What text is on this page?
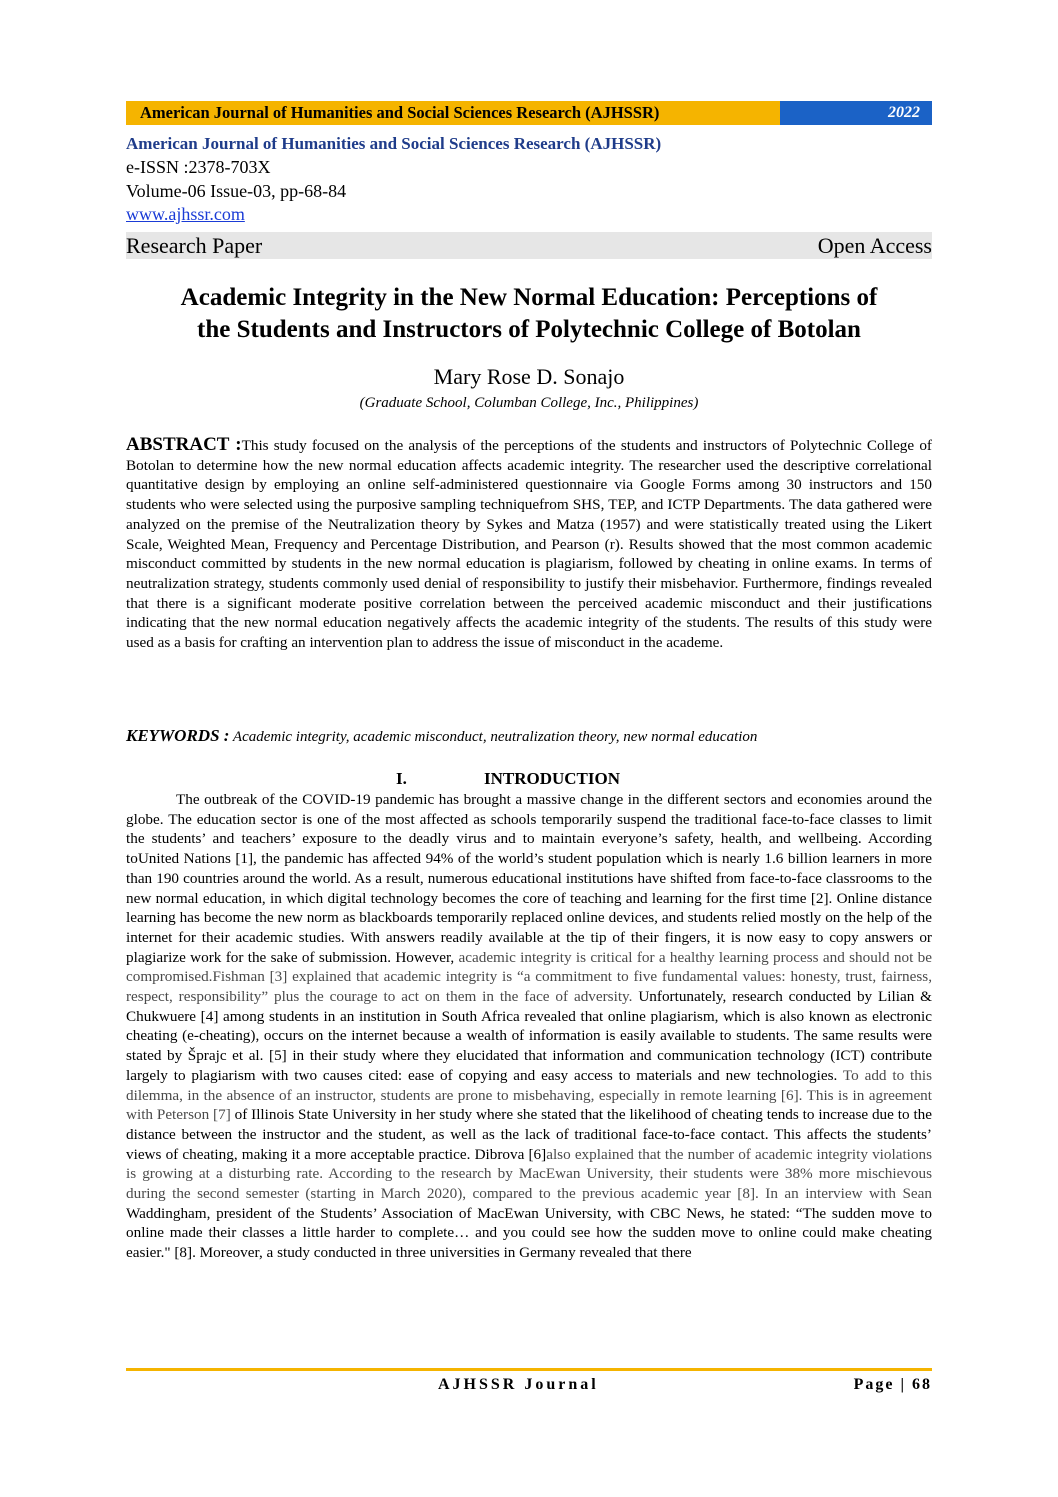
American Journal of Humanities and Social Sciences Research (AJHSSR)	2022
American Journal of Humanities and Social Sciences Research (AJHSSR)
e-ISSN :2378-703X
Volume-06 Issue-03, pp-68-84
www.ajhssr.com
Research Paper	Open Access
Academic Integrity in the New Normal Education: Perceptions of
the Students and Instructors of Polytechnic College of Botolan
Mary Rose D. Sonajo
(Graduate School, Columban College, Inc., Philippines)
ABSTRACT :This study focused on the analysis of the perceptions of the students and instructors of Polytechnic College of Botolan to determine how the new normal education affects academic integrity. The researcher used the descriptive correlational quantitative design by employing an online self-administered questionnaire via Google Forms among 30 instructors and 150 students who were selected using the purposive sampling techniquefrom SHS, TEP, and ICTP Departments. The data gathered were analyzed on the premise of the Neutralization theory by Sykes and Matza (1957) and were statistically treated using the Likert Scale, Weighted Mean, Frequency and Percentage Distribution, and Pearson (r). Results showed that the most common academic misconduct committed by students in the new normal education is plagiarism, followed by cheating in online exams. In terms of neutralization strategy, students commonly used denial of responsibility to justify their misbehavior. Furthermore, findings revealed that there is a significant moderate positive correlation between the perceived academic misconduct and their justifications indicating that the new normal education negatively affects the academic integrity of the students. The results of this study were used as a basis for crafting an intervention plan to address the issue of misconduct in the academe.
KEYWORDS : Academic integrity, academic misconduct, neutralization theory, new normal education
I.	INTRODUCTION
The outbreak of the COVID-19 pandemic has brought a massive change in the different sectors and economies around the globe. The education sector is one of the most affected as schools temporarily suspend the traditional face-to-face classes to limit the students’ and teachers’ exposure to the deadly virus and to maintain everyone’s safety, health, and wellbeing. According toUnited Nations [1], the pandemic has affected 94% of the world’s student population which is nearly 1.6 billion learners in more than 190 countries around the world. As a result, numerous educational institutions have shifted from face-to-face classrooms to the new normal education, in which digital technology becomes the core of teaching and learning for the first time [2]. Online distance learning has become the new norm as blackboards temporarily replaced online devices, and students relied mostly on the help of the internet for their academic studies. With answers readily available at the tip of their fingers, it is now easy to copy answers or plagiarize work for the sake of submission. However, academic integrity is critical for a healthy learning process and should not be compromised.Fishman [3] explained that academic integrity is “a commitment to five fundamental values: honesty, trust, fairness, respect, responsibility” plus the courage to act on them in the face of adversity. Unfortunately, research conducted by Lilian & Chukwuere [4] among students in an institution in South Africa revealed that online plagiarism, which is also known as electronic cheating (e-cheating), occurs on the internet because a wealth of information is easily available to students. The same results were stated by Šprajc et al. [5] in their study where they elucidated that information and communication technology (ICT) contribute largely to plagiarism with two causes cited: ease of copying and easy access to materials and new technologies. To add to this dilemma, in the absence of an instructor, students are prone to misbehaving, especially in remote learning [6]. This is in agreement with Peterson [7] of Illinois State University in her study where she stated that the likelihood of cheating tends to increase due to the distance between the instructor and the student, as well as the lack of traditional face-to-face contact. This affects the students’ views of cheating, making it a more acceptable practice. Dibrova [6]also explained that the number of academic integrity violations is growing at a disturbing rate. According to the research by MacEwan University, their students were 38% more mischievous during the second semester (starting in March 2020), compared to the previous academic year [8]. In an interview with Sean Waddingham, president of the Students’ Association of MacEwan University, with CBC News, he stated: “The sudden move to online made their classes a little harder to complete… and you could see how the sudden move to online could make cheating easier." [8]. Moreover, a study conducted in three universities in Germany revealed that there
AJHSSR Journal	Page | 68
